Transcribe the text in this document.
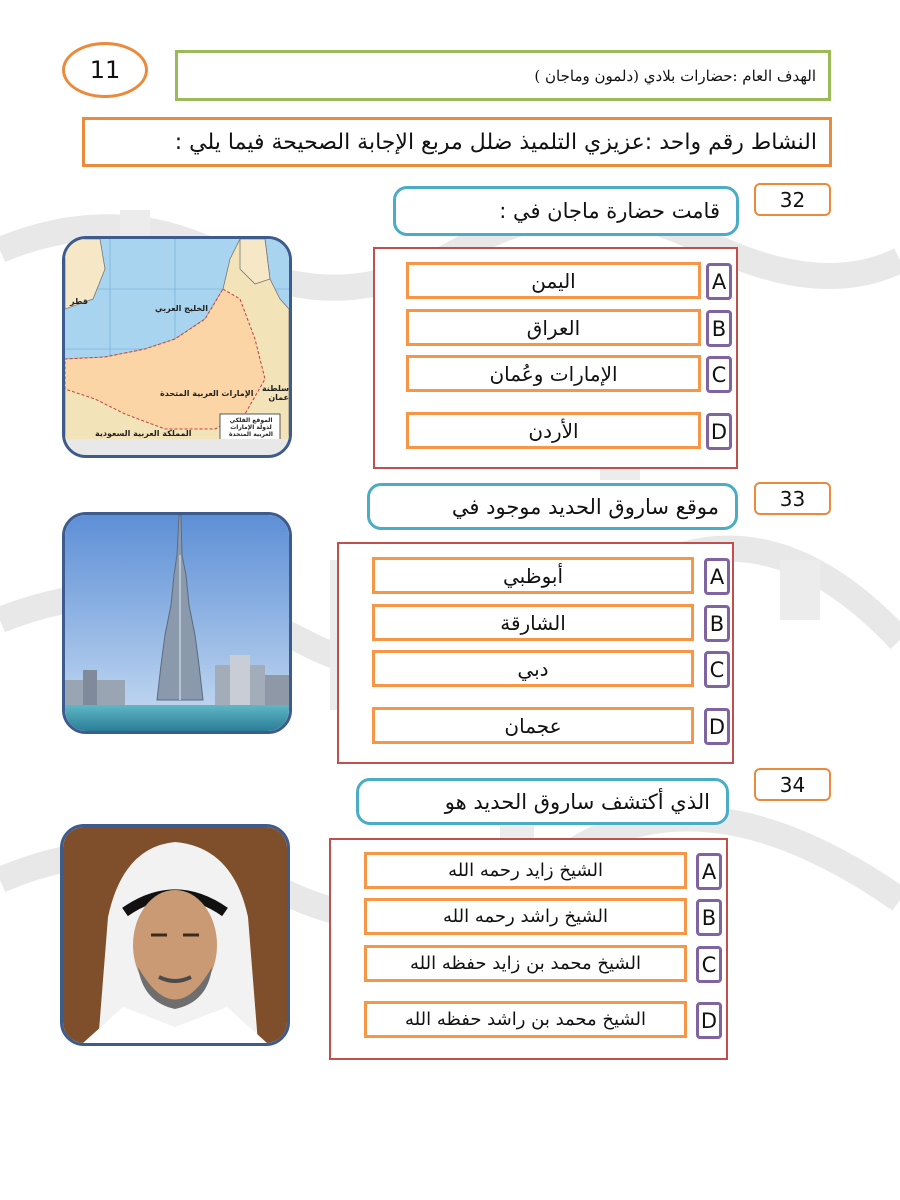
11	الهدف العام :حضارات بلادي (دلمون وماجان )
النشاط رقم واحد :عزيزي التلميذ ضلل مربع الإجابة الصحيحة فيما يلي :
32
قامت حضارة ماجان في :
اليمن	A
العراق	B
الإمارات وعُمان	C
الأردن	D
الخليج العربي
قطر
الإمارات العربية المتحدة
سلطنة عمان
المملكة العربية السعودية
الموقع الفلكي لدولة الإمارات العربية المتحدة
33
موقع ساروق الحديد موجود في
أبوظبي	A
الشارقة	B
دبي	C
عجمان	D
34
الذي أكتشف ساروق الحديد هو
الشيخ زايد رحمه الله	A
الشيخ راشد رحمه الله	B
الشيخ محمد بن زايد حفظه الله	C
الشيخ محمد بن راشد حفظه الله	D
